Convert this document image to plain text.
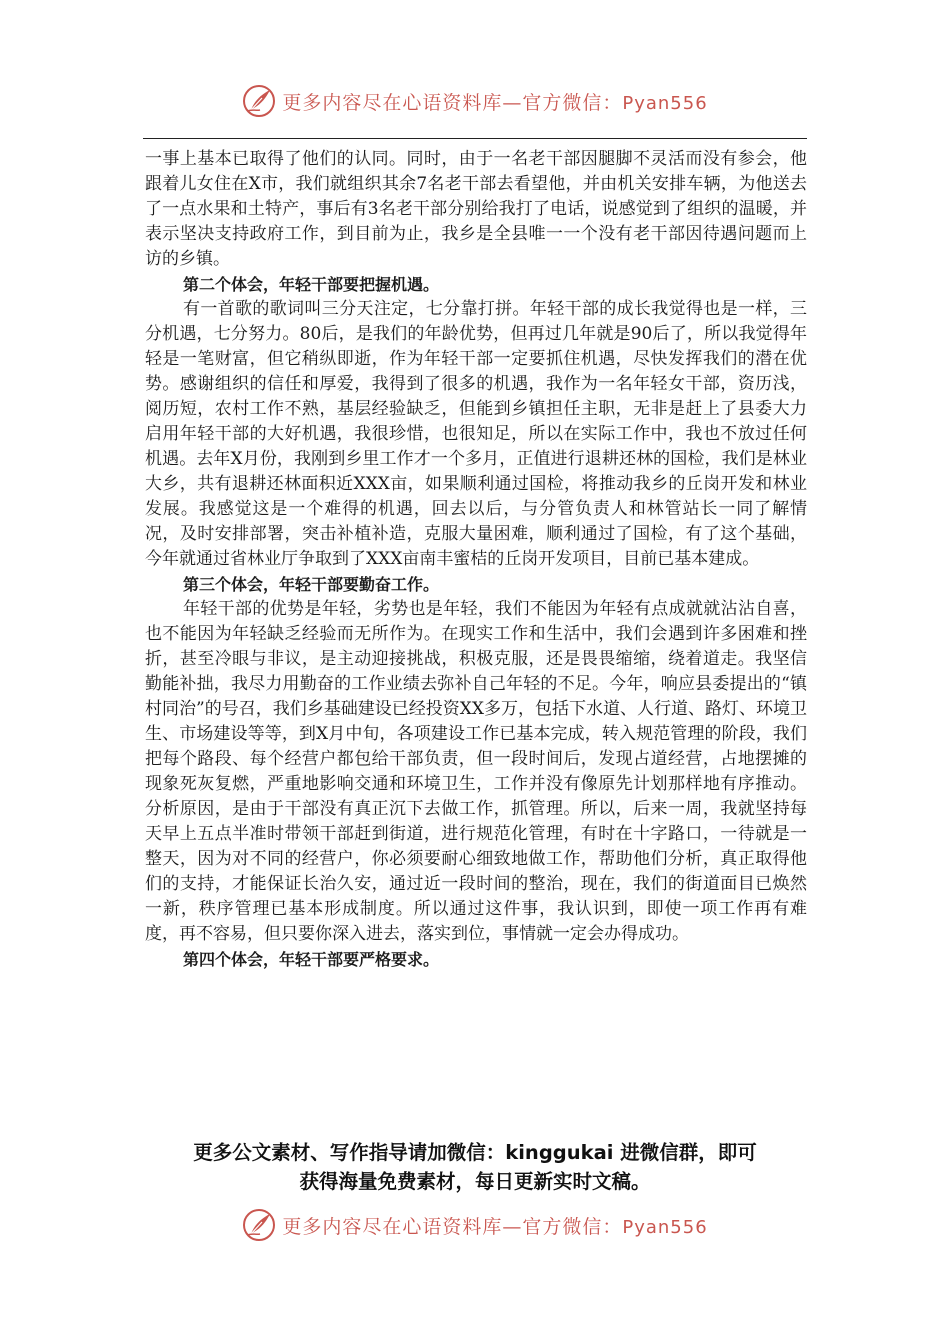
更多内容尽在心语资料库—官方微信：Pyan556

一事上基本已取得了他们的认同。同时，由于一名老干部因腿脚不灵活而没有参会，他跟着儿女住在X市，我们就组织其余7名老干部去看望他，并由机关安排车辆，为他送去了一点水果和土特产，事后有3名老干部分别给我打了电话，说感觉到了组织的温暖，并表示坚决支持政府工作，到目前为止，我乡是全县唯一一个没有老干部因待遇问题而上访的乡镇。

第二个体会，年轻干部要把握机遇。

有一首歌的歌词叫三分天注定，七分靠打拼。年轻干部的成长我觉得也是一样，三分机遇，七分努力。80后，是我们的年龄优势，但再过几年就是90后了，所以我觉得年轻是一笔财富，但它稍纵即逝，作为年轻干部一定要抓住机遇，尽快发挥我们的潜在优势。感谢组织的信任和厚爱，我得到了很多的机遇，我作为一名年轻女干部，资历浅，阅历短，农村工作不熟，基层经验缺乏，但能到乡镇担任主职，无非是赶上了县委大力启用年轻干部的大好机遇，我很珍惜，也很知足，所以在实际工作中，我也不放过任何机遇。去年X月份，我刚到乡里工作才一个多月，正值进行退耕还林的国检，我们是林业大乡，共有退耕还林面积近XXX亩，如果顺利通过国检，将推动我乡的丘岗开发和林业发展。我感觉这是一个难得的机遇，回去以后，与分管负责人和林管站长一同了解情况，及时安排部署，突击补植补造，克服大量困难，顺利通过了国检，有了这个基础，今年就通过省林业厅争取到了XXX亩南丰蜜桔的丘岗开发项目，目前已基本建成。

第三个体会，年轻干部要勤奋工作。

年轻干部的优势是年轻，劣势也是年轻，我们不能因为年轻有点成就就沾沾自喜，也不能因为年轻缺乏经验而无所作为。在现实工作和生活中，我们会遇到许多困难和挫折，甚至冷眼与非议，是主动迎接挑战，积极克服，还是畏畏缩缩，绕着道走。我坚信勤能补拙，我尽力用勤奋的工作业绩去弥补自己年轻的不足。今年，响应县委提出的“镇村同治”的号召，我们乡基础建设已经投资XX多万，包括下水道、人行道、路灯、环境卫生、市场建设等等，到X月中旬，各项建设工作已基本完成，转入规范管理的阶段，我们把每个路段、每个经营户都包给干部负责，但一段时间后，发现占道经营，占地摆摊的现象死灰复燃，严重地影响交通和环境卫生，工作并没有像原先计划那样地有序推动。分析原因，是由于干部没有真正沉下去做工作，抓管理。所以，后来一周，我就坚持每天早上五点半准时带领干部赶到街道，进行规范化管理，有时在十字路口，一待就是一整天，因为对不同的经营户，你必须要耐心细致地做工作，帮助他们分析，真正取得他们的支持，才能保证长治久安，通过近一段时间的整治，现在，我们的街道面目已焕然一新，秩序管理已基本形成制度。所以通过这件事，我认识到，即使一项工作再有难度，再不容易，但只要你深入进去，落实到位，事情就一定会办得成功。

第四个体会，年轻干部要严格要求。

更多公文素材、写作指导请加微信：kinggukai 进微信群，即可
获得海量免费素材，每日更新实时文稿。
更多内容尽在心语资料库—官方微信：Pyan556
